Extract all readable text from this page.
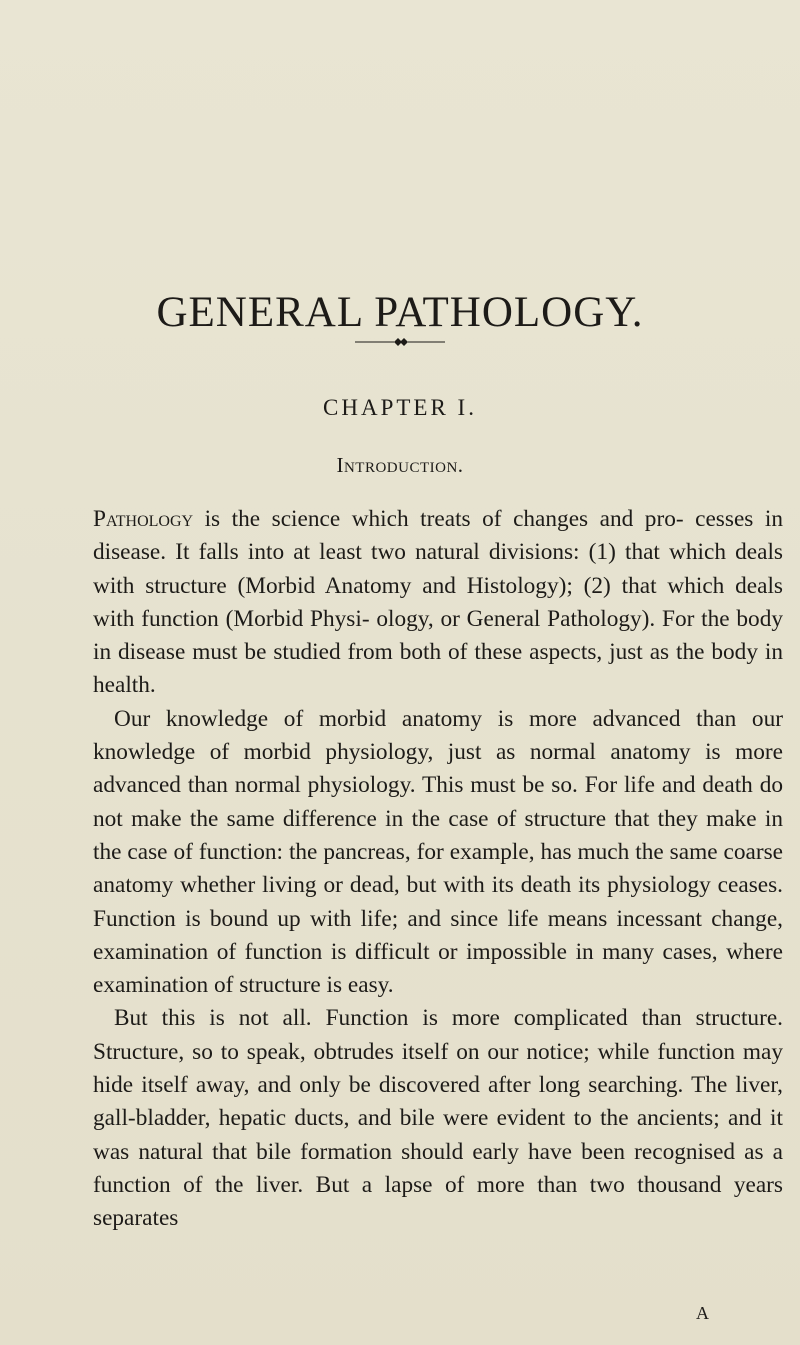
GENERAL PATHOLOGY.
CHAPTER I.
Introduction.

Pathology is the science which treats of changes and pro- cesses in disease. It falls into at least two natural divisions: (1) that which deals with structure (Morbid Anatomy and Histology); (2) that which deals with function (Morbid Physi- ology, or General Pathology). For the body in disease must be studied from both of these aspects, just as the body in health.

Our knowledge of morbid anatomy is more advanced than our knowledge of morbid physiology, just as normal anatomy is more advanced than normal physiology. This must be so. For life and death do not make the same difference in the case of structure that they make in the case of function: the pancreas, for example, has much the same coarse anatomy whether living or dead, but with its death its physiology ceases. Function is bound up with life; and since life means incessant change, examination of function is difficult or impossible in many cases, where examination of structure is easy.

But this is not all. Function is more complicated than structure. Structure, so to speak, obtrudes itself on our notice; while function may hide itself away, and only be discovered after long searching. The liver, gall-bladder, hepatic ducts, and bile were evident to the ancients; and it was natural that bile formation should early have been recognised as a function of the liver. But a lapse of more than two thousand years separates

A
